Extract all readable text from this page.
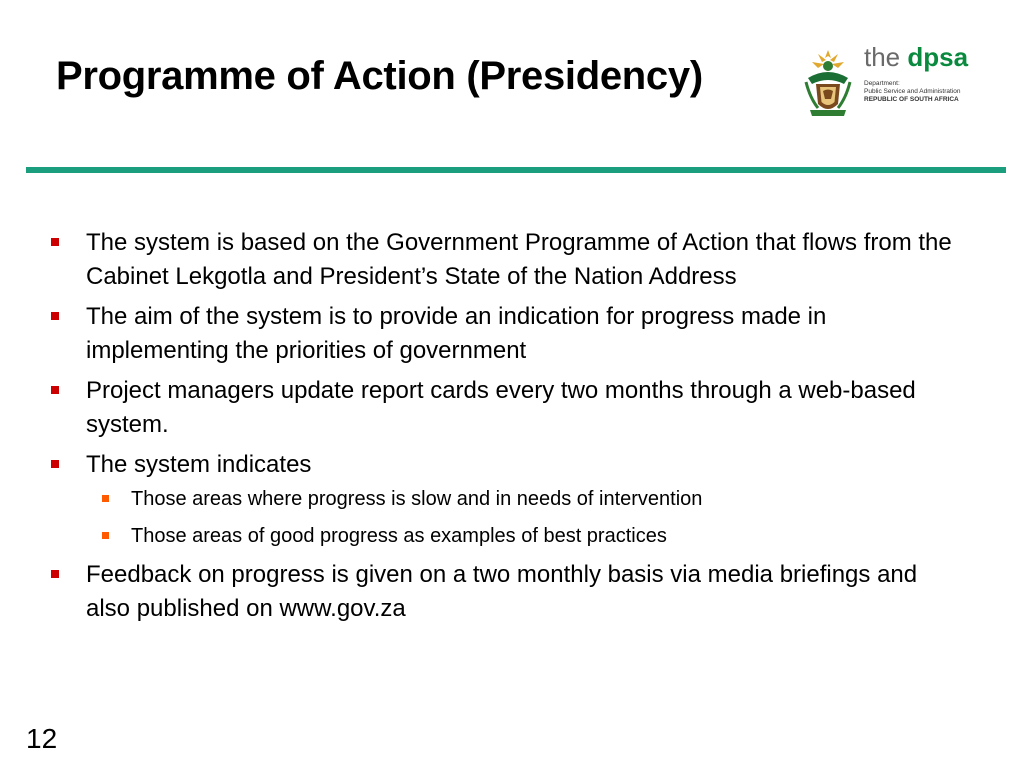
Programme of Action (Presidency)	the dpsa
Department:
Public Service and Administration
REPUBLIC OF SOUTH AFRICA
The system is based on the Government Programme of Action that flows from the Cabinet Lekgotla and President’s State of the Nation Address
The aim of the system is to provide an indication for progress made in implementing the priorities of government
Project managers update report cards every two months through a web-based system.
The system indicates
Those areas where progress is slow and in needs of intervention
Those areas of good progress as examples of best practices
Feedback on progress is given on a two monthly basis via media briefings and also published on www.gov.za
12
